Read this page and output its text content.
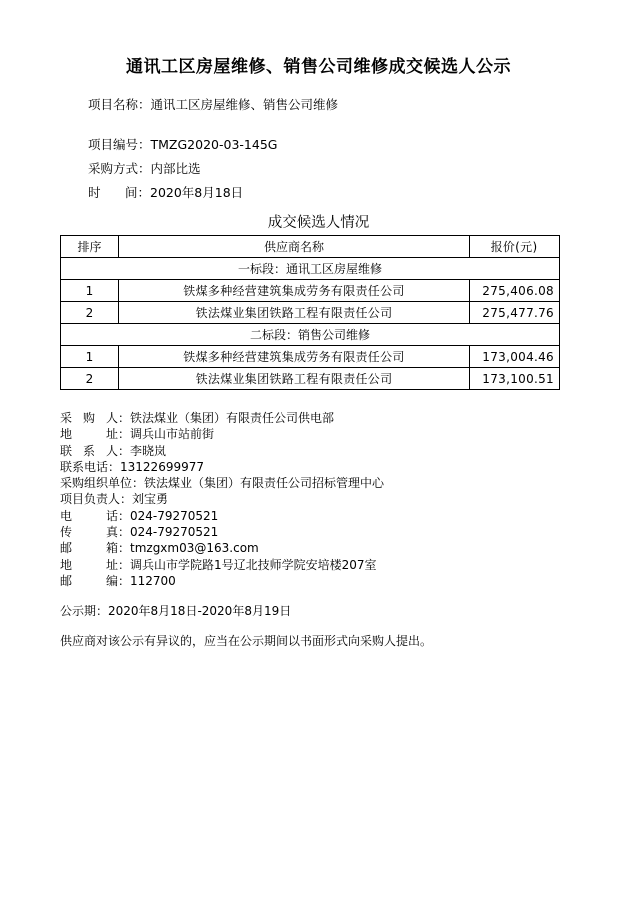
通讯工区房屋维修、销售公司维修成交候选人公示
项目名称：通讯工区房屋维修、销售公司维修
项目编号：TMZG2020-03-145G
采购方式：内部比选
时 间： 2020年8月18日
成交候选人情况
排序	供应商名称	报价(元)
一标段：通讯工区房屋维修		
1	铁煤多种经营建筑集成劳务有限责任公司	275,406.08
2	铁法煤业集团铁路工程有限责任公司	275,477.76
二标段：销售公司维修		
1	铁煤多种经营建筑集成劳务有限责任公司	173,004.46
2	铁法煤业集团铁路工程有限责任公司	173,100.51
采 购 人 ：铁法煤业（集团）有限责任公司供电部
地	址 ：调兵山市站前街
联 系 人 ：李晓岚
联系电话 ：13122699977
采购组织单位 ：铁法煤业（集团）有限责任公司招标管理中心
项目负责人 ：刘宝勇
电	话 ：024-79270521
传	真 ：024-79270521
邮	箱 ：tmzgxm03@163.com
地	址 ：调兵山市学院路1号辽北技师学院安培楼207室
邮	编 ：112700
公示期：2020年8月18日-2020年8月19日
供应商对该公示有异议的，应当在公示期间以书面形式向采购人提出。
